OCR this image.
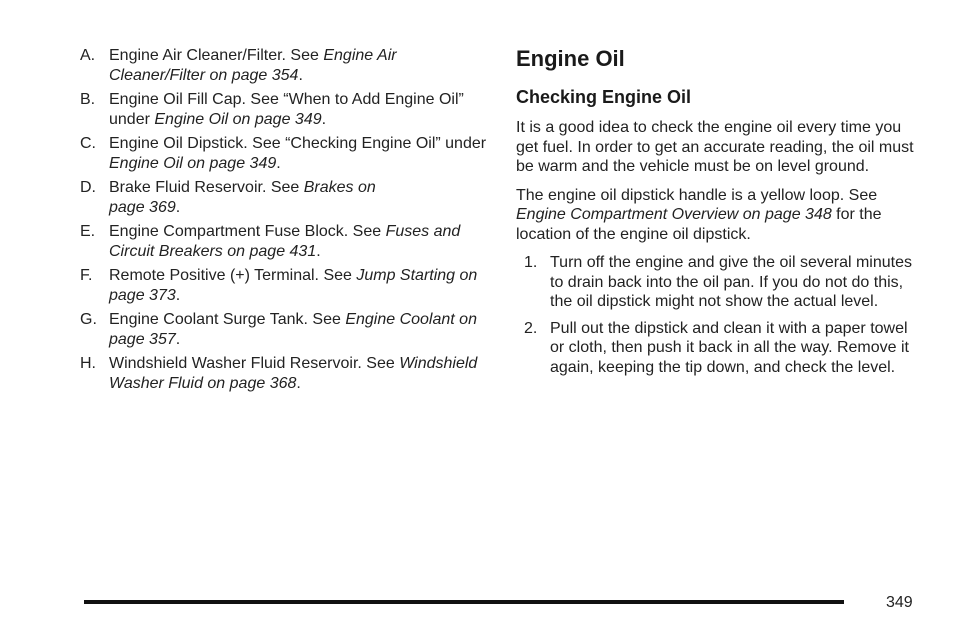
A. Engine Air Cleaner/Filter. See Engine Air Cleaner/Filter on page 354.
B. Engine Oil Fill Cap. See “When to Add Engine Oil” under Engine Oil on page 349.
C. Engine Oil Dipstick. See “Checking Engine Oil” under Engine Oil on page 349.
D. Brake Fluid Reservoir. See Brakes on page 369.
E. Engine Compartment Fuse Block. See Fuses and Circuit Breakers on page 431.
F.	Remote Positive (+) Terminal. See Jump Starting on page 373.
G. Engine Coolant Surge Tank. See Engine Coolant on page 357.
H. Windshield Washer Fluid Reservoir. See Windshield Washer Fluid on page 368.
Engine Oil
Checking Engine Oil

It is a good idea to check the engine oil every time you get fuel. In order to get an accurate reading, the oil must be warm and the vehicle must be on level ground.

The engine oil dipstick handle is a yellow loop. See Engine Compartment Overview on page 348 for the location of the engine oil dipstick.

1. Turn off the engine and give the oil several minutes to drain back into the oil pan. If you do not do this, the oil dipstick might not show the actual level.
2. Pull out the dipstick and clean it with a paper towel or cloth, then push it back in all the way. Remove it again, keeping the tip down, and check the level.
349
